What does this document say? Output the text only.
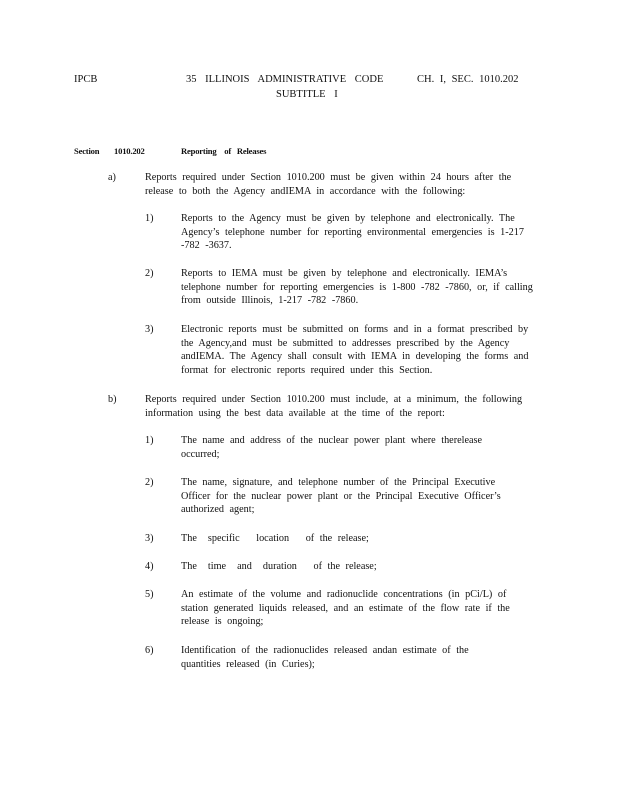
IPCB	35 ILLINOIS ADMINISTRATIVE CODE	CH. I, SEC. 1010.202
SUBTITLE I
Section 1010.202	Reporting    of   Releases
a)	Reports required under Section 1010.200 must be given within 24 hours after the release to both the Agency andIEMA in accordance with the following:
1)	Reports to the Agency must be given by telephone and electronically. The Agency’s telephone number for reporting environmental emergencies is 1-217 -782 -3637.
2)	Reports to IEMA must be given by telephone and electronically. IEMA’s telephone number for reporting emergencies is 1-800 -782 -7860, or, if calling from outside Illinois, 1-217 -782 -7860.
3)	Electronic reports must be submitted on forms and in a format prescribed by the Agency,and must be submitted to addresses prescribed by the Agency andIEMA. The Agency shall consult with IEMA in developing the forms and format for electronic reports required under this Section.
b)	Reports required under Section 1010.200 must include, at a minimum, the following information using the best data available at the time of the report:
1)	The name and address of the nuclear power plant where therelease occurred;
2)	The name, signature, and telephone number of the Principal Executive Officer for the nuclear power plant or the Principal Executive Officer’s authorized agent;
3)	The  specific   location   of the release;
4)	The  time  and  duration   of the release;
5)	An estimate of the volume and radionuclide concentrations (in pCi/L) of station generated liquids released, and an estimate of the flow rate if the release is ongoing;
6)	Identification of the radionuclides released andan estimate of the quantities released (in Curies);
